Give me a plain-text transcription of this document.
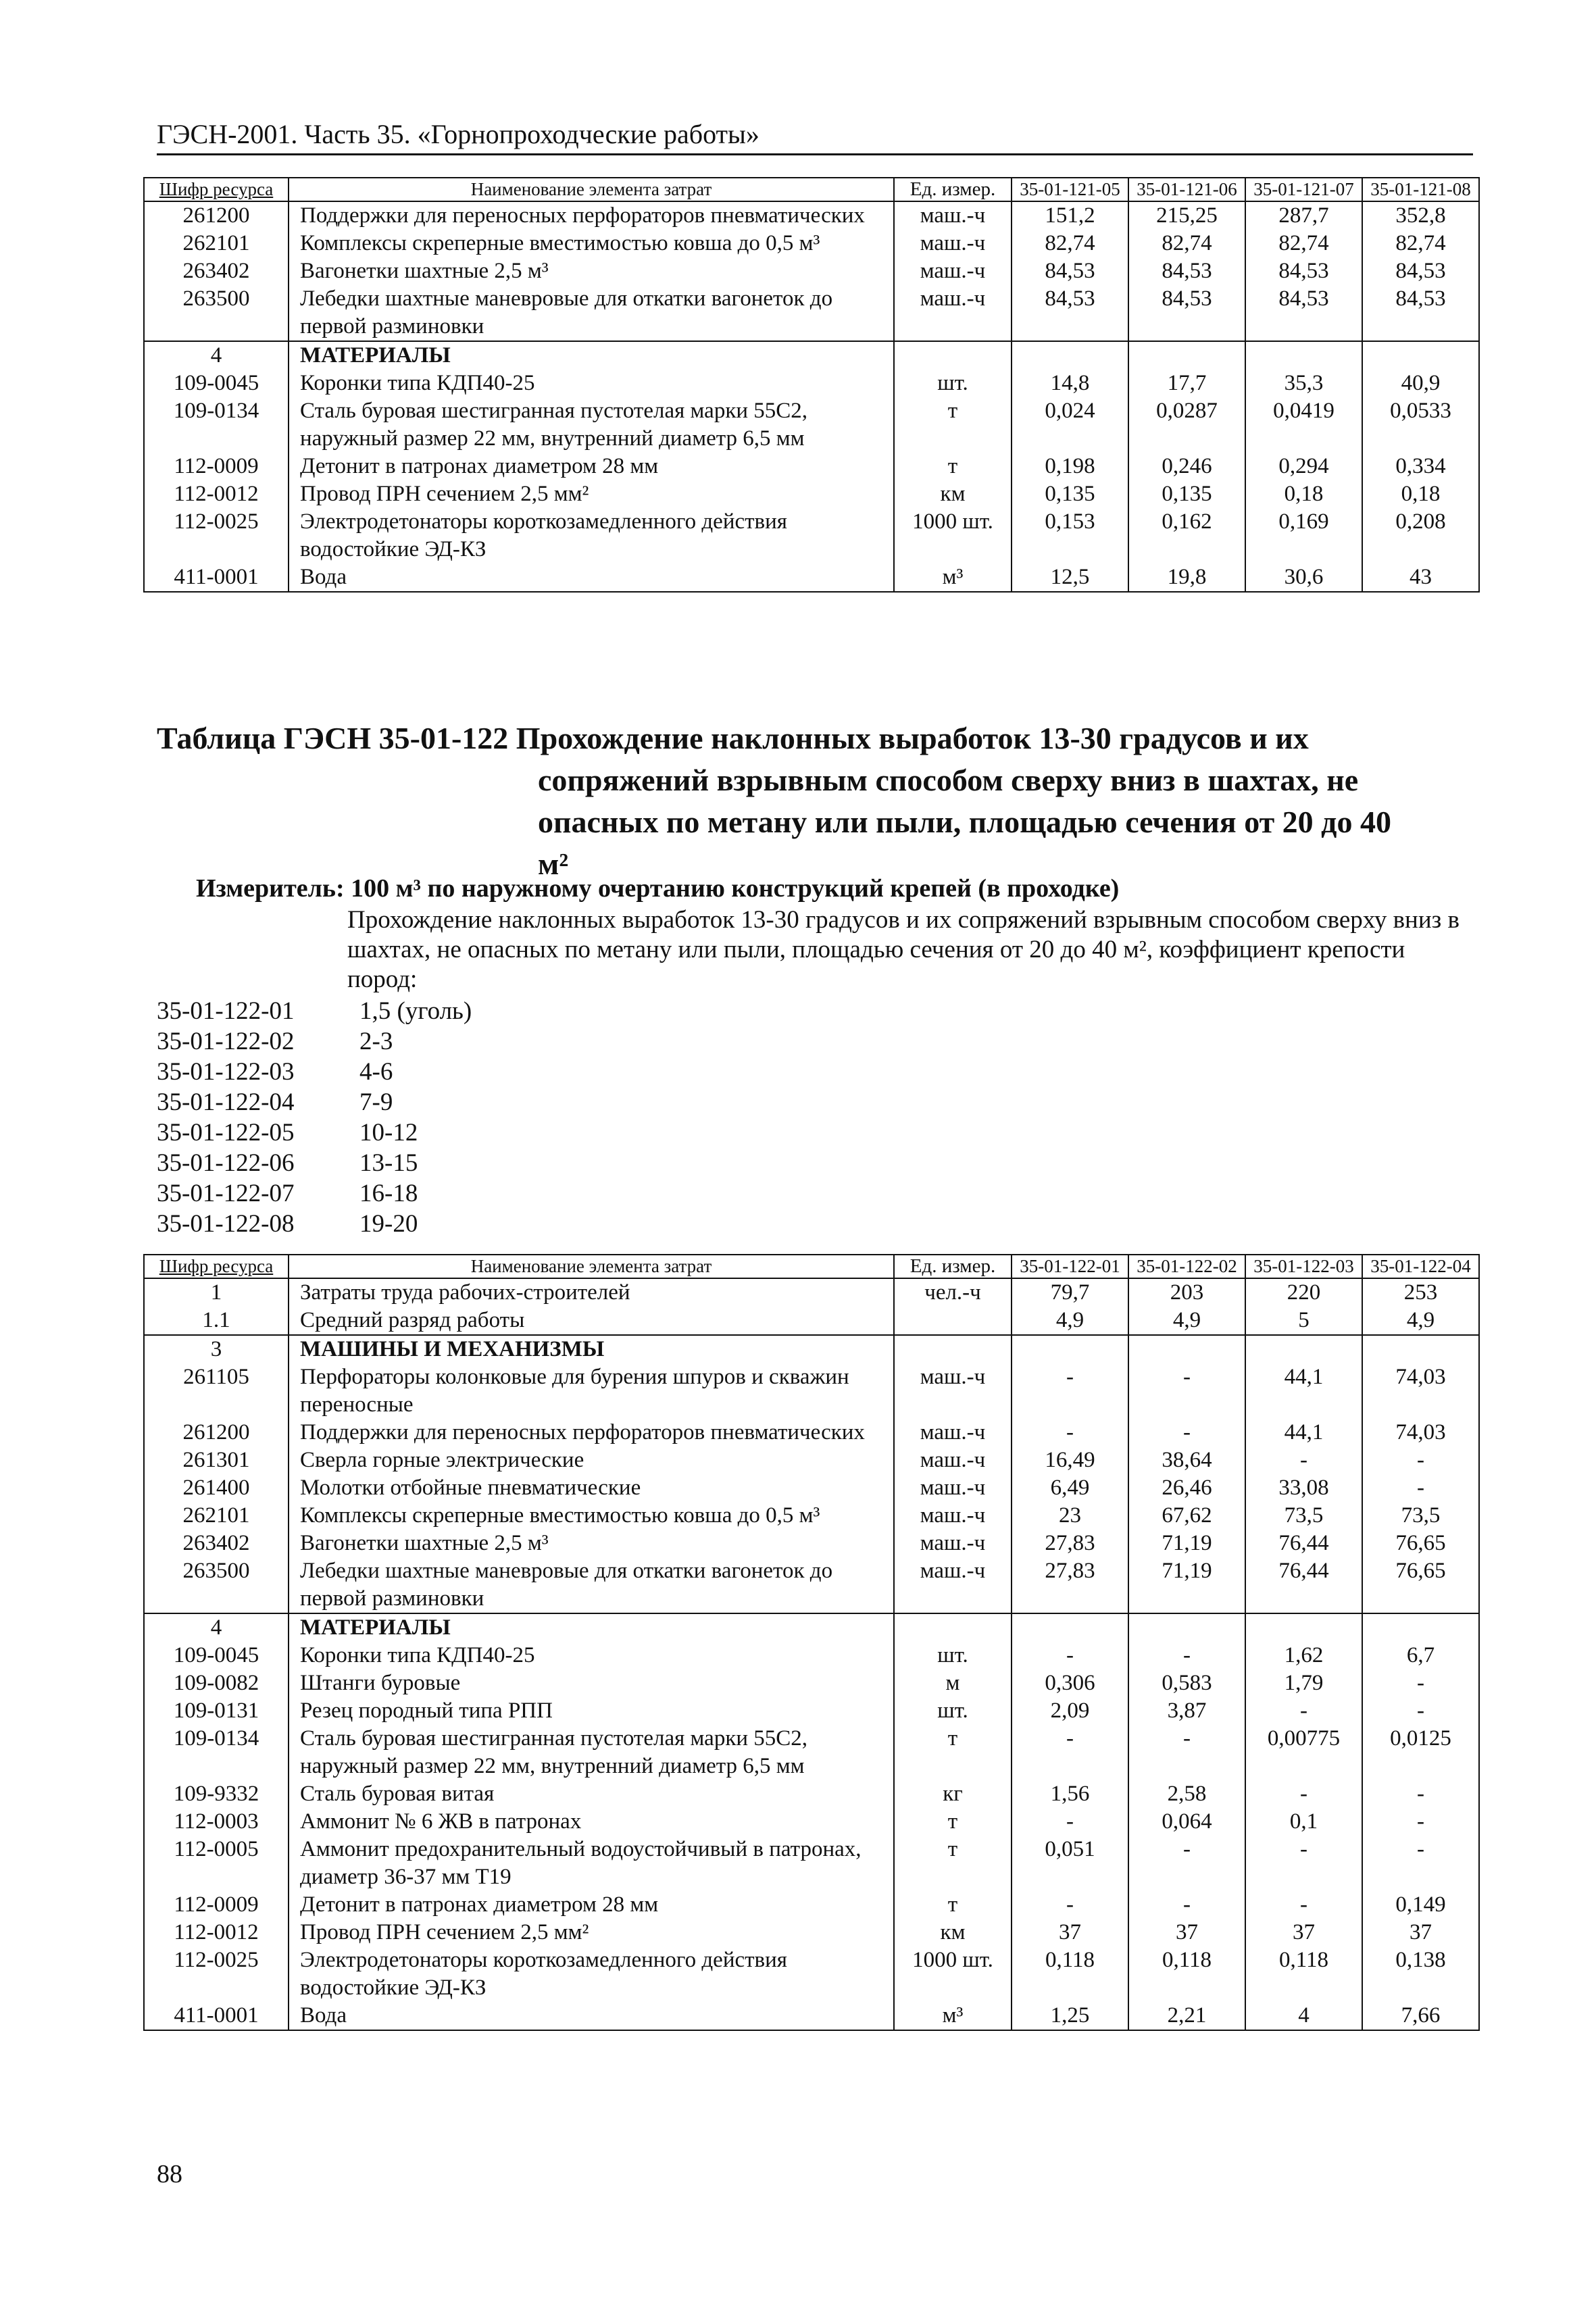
ГЭСН-2001. Часть 35. «Горнопроходческие работы»
Шифр ресурса	Наименование элемента затрат	Ед. измер.	35-01-121-05	35-01-121-06	35-01-121-07	35-01-121-08
261200	Поддержки для переносных перфораторов пневматических	маш.-ч	151,2	215,25	287,7	352,8
262101	Комплексы скреперные вместимостью ковша до 0,5 м³	маш.-ч	82,74	82,74	82,74	82,74
263402	Вагонетки шахтные 2,5 м³	маш.-ч	84,53	84,53	84,53	84,53
263500	Лебедки шахтные маневровые для откатки вагонеток до первой разминовки	маш.-ч	84,53	84,53	84,53	84,53
4	МАТЕРИАЛЫ					
109-0045	Коронки типа КДП40-25	шт.	14,8	17,7	35,3	40,9
109-0134	Сталь буровая шестигранная пустотелая марки 55С2, наружный размер 22 мм, внутренний диаметр 6,5 мм	т	0,024	0,0287	0,0419	0,0533
112-0009	Детонит в патронах диаметром 28 мм	т	0,198	0,246	0,294	0,334
112-0012	Провод ПРН сечением 2,5 мм²	км	0,135	0,135	0,18	0,18
112-0025	Электродетонаторы короткозамедленного действия водостойкие ЭД-КЗ	1000 шт.	0,153	0,162	0,169	0,208
411-0001	Вода	м³	12,5	19,8	30,6	43
Таблица ГЭСН 35-01-122 Прохождение наклонных выработок 13-30 градусов и их
сопряжений взрывным способом сверху вниз в шахтах, не
опасных по метану или пыли, площадью сечения от 20 до 40
м²
Измеритель: 100 м³ по наружному очертанию конструкций крепей (в проходке)
Прохождение наклонных выработок 13-30 градусов и их сопряжений взрывным способом сверху вниз в шахтах, не опасных по метану или пыли, площадью сечения от 20 до 40 м², коэффициент крепости пород:
35-01-122-01	1,5 (уголь)
35-01-122-02	2-3
35-01-122-03	4-6
35-01-122-04	7-9
35-01-122-05	10-12
35-01-122-06	13-15
35-01-122-07	16-18
35-01-122-08	19-20
Шифр ресурса	Наименование элемента затрат	Ед. измер.	35-01-122-01	35-01-122-02	35-01-122-03	35-01-122-04
1	Затраты труда рабочих-строителей	чел.-ч	79,7	203	220	253
1.1	Средний разряд работы		4,9	4,9	5	4,9
3	МАШИНЫ И МЕХАНИЗМЫ					
261105	Перфораторы колонковые для бурения шпуров и скважин переносные	маш.-ч	-	-	44,1	74,03
261200	Поддержки для переносных перфораторов пневматических	маш.-ч	-	-	44,1	74,03
261301	Сверла горные электрические	маш.-ч	16,49	38,64	-	-
261400	Молотки отбойные пневматические	маш.-ч	6,49	26,46	33,08	-
262101	Комплексы скреперные вместимостью ковша до 0,5 м³	маш.-ч	23	67,62	73,5	73,5
263402	Вагонетки шахтные 2,5 м³	маш.-ч	27,83	71,19	76,44	76,65
263500	Лебедки шахтные маневровые для откатки вагонеток до первой разминовки	маш.-ч	27,83	71,19	76,44	76,65
4	МАТЕРИАЛЫ					
109-0045	Коронки типа КДП40-25	шт.	-	-	1,62	6,7
109-0082	Штанги буровые	м	0,306	0,583	1,79	-
109-0131	Резец породный типа РПП	шт.	2,09	3,87	-	-
109-0134	Сталь буровая шестигранная пустотелая марки 55С2, наружный размер 22 мм, внутренний диаметр 6,5 мм	т	-	-	0,00775	0,0125
109-9332	Сталь буровая витая	кг	1,56	2,58	-	-
112-0003	Аммонит № 6 ЖВ в патронах	т	-	0,064	0,1	-
112-0005	Аммонит предохранительный водоустойчивый в патронах, диаметр 36-37 мм Т19	т	0,051	-	-	-
112-0009	Детонит в патронах диаметром 28 мм	т	-	-	-	0,149
112-0012	Провод ПРН сечением 2,5 мм²	км	37	37	37	37
112-0025	Электродетонаторы короткозамедленного действия водостойкие ЭД-КЗ	1000 шт.	0,118	0,118	0,118	0,138
411-0001	Вода	м³	1,25	2,21	4	7,66
88
